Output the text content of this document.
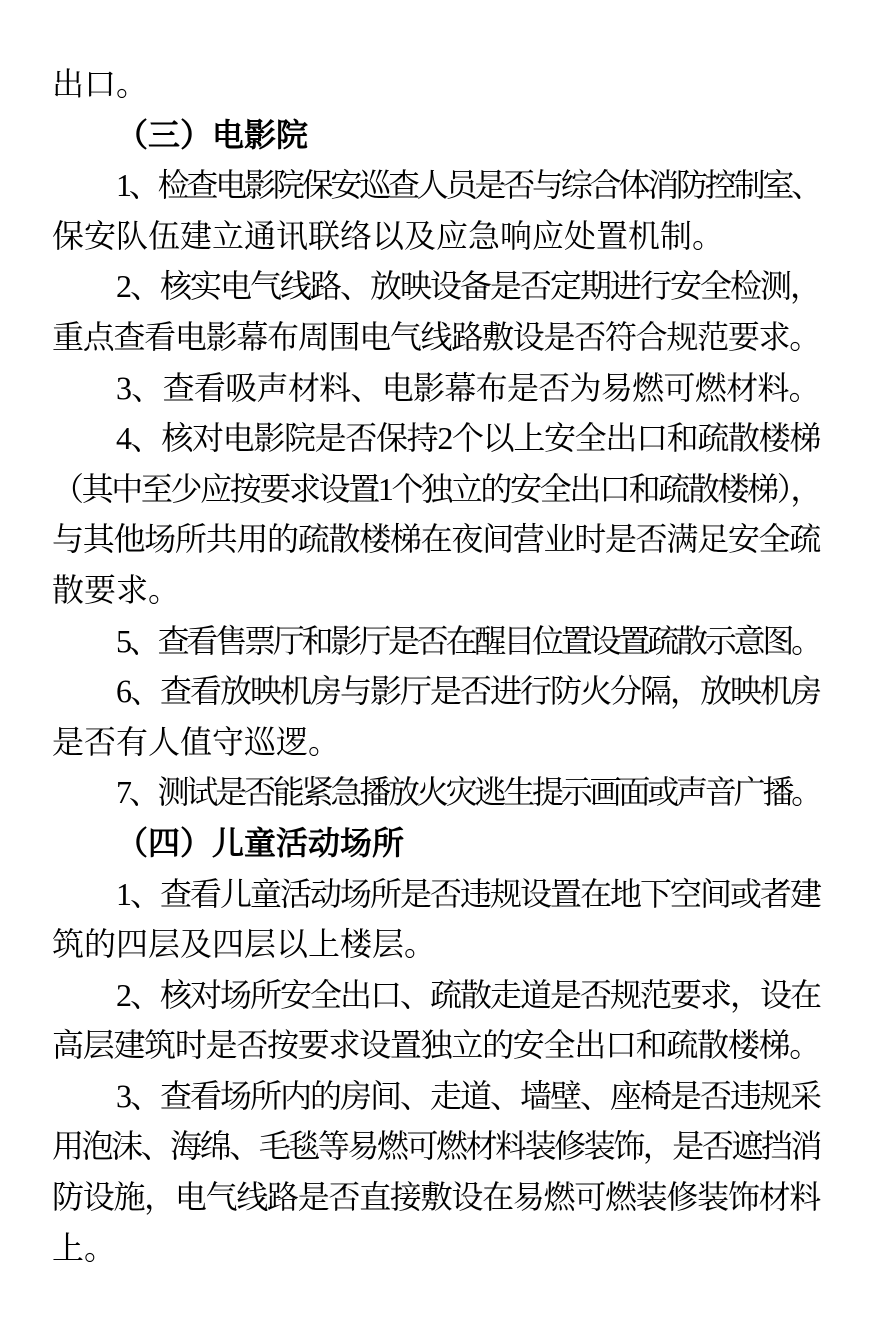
出口。
（三）电影院
1、检查电影院保安巡查人员是否与综合体消防控制室、
保安队伍建立通讯联络以及应急响应处置机制。
2、核实电气线路、放映设备是否定期进行安全检测，
重点查看电影幕布周围电气线路敷设是否符合规范要求。
3、查看吸声材料、电影幕布是否为易燃可燃材料。
4、核对电影院是否保持2个以上安全出口和疏散楼梯
（其中至少应按要求设置1个独立的安全出口和疏散楼梯），
与其他场所共用的疏散楼梯在夜间营业时是否满足安全疏
散要求。
5、查看售票厅和影厅是否在醒目位置设置疏散示意图。
6、查看放映机房与影厅是否进行防火分隔，放映机房
是否有人值守巡逻。
7、测试是否能紧急播放火灾逃生提示画面或声音广播。
（四）儿童活动场所
1、查看儿童活动场所是否违规设置在地下空间或者建
筑的四层及四层以上楼层。
2、核对场所安全出口、疏散走道是否规范要求，设在
高层建筑时是否按要求设置独立的安全出口和疏散楼梯。
3、查看场所内的房间、走道、墙壁、座椅是否违规采
用泡沫、海绵、毛毯等易燃可燃材料装修装饰，是否遮挡消
防设施，电气线路是否直接敷设在易燃可燃装修装饰材料
上。
